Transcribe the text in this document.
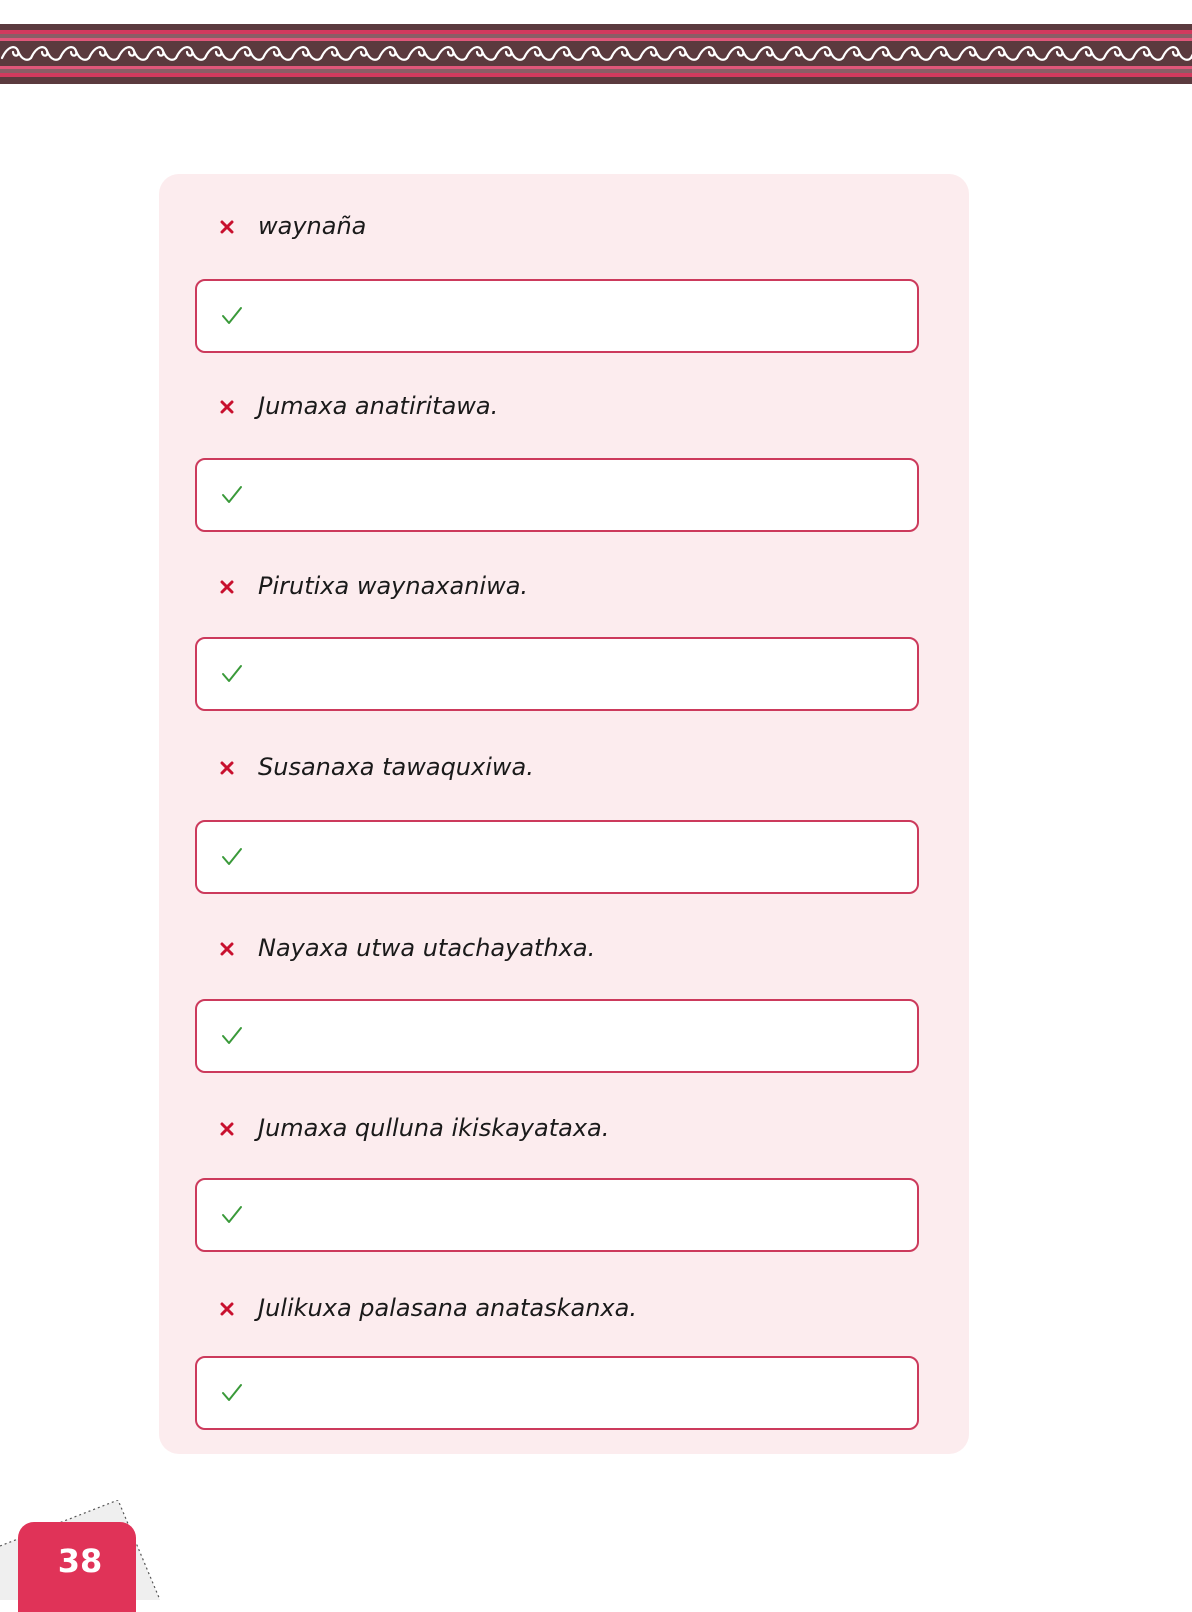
waynaña
Jumaxa anatiritawa.
Pirutixa waynaxaniwa.
Susanaxa tawaquxiwa.
Nayaxa utwa utachayathxa.
Jumaxa qulluna ikiskayataxa.
Julikuxa palasana anataskanxa.
38
